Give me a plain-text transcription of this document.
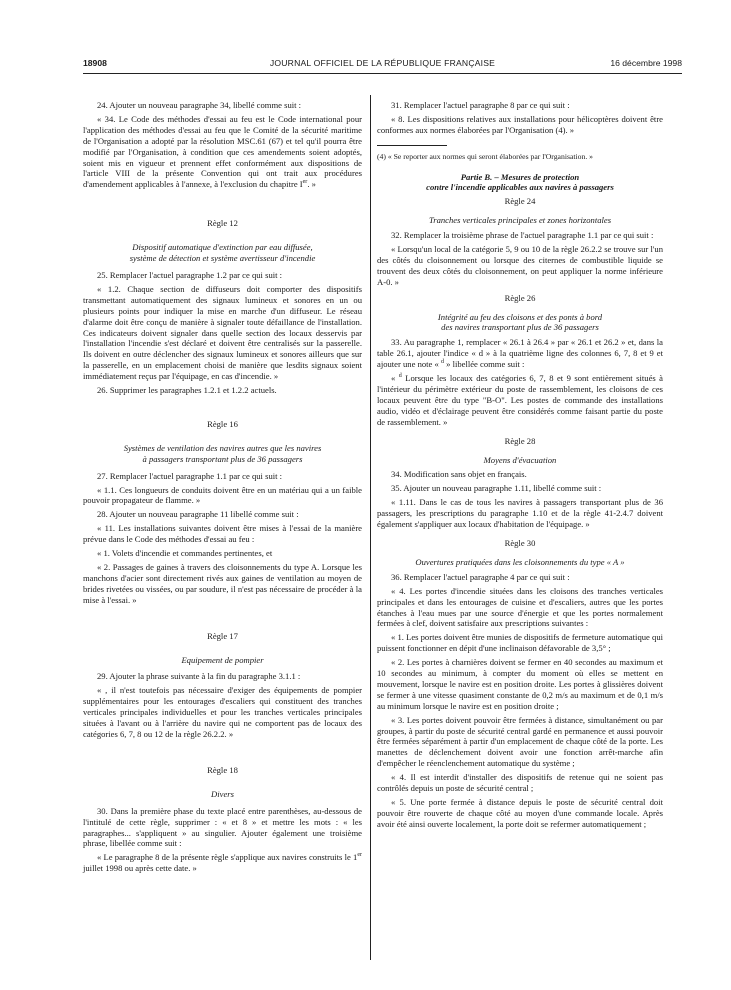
18908	JOURNAL OFFICIEL DE LA RÉPUBLIQUE FRANÇAISE	16 décembre 1998

24. Ajouter un nouveau paragraphe 34, libellé comme suit :

« 34. Le Code des méthodes d'essai au feu est le Code international pour l'application des méthodes d'essai au feu que le Comité de la sécurité maritime de l'Organisation a adopté par la résolution MSC.61 (67) et tel qu'il pourra être modifié par l'Organisation, à condition que ces amendements soient adoptés, soient mis en vigueur et prennent effet conformément aux dispositions de l'article VIII de la présente Convention qui ont trait aux procédures d'amendement applicables à l'annexe, à l'exclusion du chapitre Ier. »

Règle 12
Dispositif automatique d'extinction par eau diffusée,
système de détection et système avertisseur d'incendie

25. Remplacer l'actuel paragraphe 1.2 par ce qui suit :

« 1.2. Chaque section de diffuseurs doit comporter des dispositifs transmettant automatiquement des signaux lumineux et sonores en un ou plusieurs points pour indiquer la mise en marche d'un diffuseur. Le réseau d'alarme doit être conçu de manière à signaler toute défaillance de l'installation. Ces indicateurs doivent signaler dans quelle section des locaux desservis par l'installation l'incendie s'est déclaré et doivent être centralisés sur la passerelle. Ils doivent en outre déclencher des signaux lumineux et sonores ailleurs que sur la passerelle, en un emplacement choisi de manière que lesdits signaux soient immédiatement reçus par l'équipage, en cas d'incendie. »

26. Supprimer les paragraphes 1.2.1 et 1.2.2 actuels.

Règle 16
Systèmes de ventilation des navires autres que les navires
à passagers transportant plus de 36 passagers

27. Remplacer l'actuel paragraphe 1.1 par ce qui suit :

« 1.1. Ces longueurs de conduits doivent être en un matériau qui a un faible pouvoir propagateur de flamme. »

28. Ajouter un nouveau paragraphe 11 libellé comme suit :

« 11. Les installations suivantes doivent être mises à l'essai de la manière prévue dans le Code des méthodes d'essai au feu :

« 1. Volets d'incendie et commandes pertinentes, et

« 2. Passages de gaines à travers des cloisonnements du type A. Lorsque les manchons d'acier sont directement rivés aux gaines de ventilation au moyen de brides rivetées ou vissées, ou par soudure, il n'est pas nécessaire de procéder à la mise à l'essai. »

Règle 17
Equipement de pompier

29. Ajouter la phrase suivante à la fin du paragraphe 3.1.1 :

« , il n'est toutefois pas nécessaire d'exiger des équipements de pompier supplémentaires pour les entourages d'escaliers qui constituent des tranches verticales principales individuelles et pour les tranches verticales principales situées à l'avant ou à l'arrière du navire qui ne comportent pas de locaux des catégories 6, 7, 8 ou 12 de la règle 26.2.2. »

Règle 18
Divers

30. Dans la première phase du texte placé entre parenthèses, au-dessous de l'intitulé de cette règle, supprimer : « et 8 » et mettre les mots : « les paragraphes... s'appliquent » au singulier. Ajouter également une troisième phrase, libellée comme suit :

« Le paragraphe 8 de la présente règle s'applique aux navires construits le 1er juillet 1998 ou après cette date. »

31. Remplacer l'actuel paragraphe 8 par ce qui suit :

« 8. Les dispositions relatives aux installations pour hélicoptères doivent être conformes aux normes élaborées par l'Organisation (4). »

(4) « Se reporter aux normes qui seront élaborées par l'Organisation. »

Partie B. – Mesures de protection
contre l'incendie applicables aux navires à passagers
Règle 24
Tranches verticales principales et zones horizontales

32. Remplacer la troisième phrase de l'actuel paragraphe 1.1 par ce qui suit :

« Lorsqu'un local de la catégorie 5, 9 ou 10 de la règle 26.2.2 se trouve sur l'un des côtés du cloisonnement ou lorsque des citernes de combustible liquide se trouvent des deux côtés du cloisonnement, on peut appliquer la norme inférieure A-0. »

Règle 26
Intégrité au feu des cloisons et des ponts à bord
des navires transportant plus de 36 passagers

33. Au paragraphe 1, remplacer « 26.1 à 26.4 » par « 26.1 et 26.2 » et, dans la table 26.1, ajouter l'indice « d » à la quatrième ligne des colonnes 6, 7, 8 et 9 et ajouter une note « $^d$ » libellée comme suit :

« $^d$ Lorsque les locaux des catégories 6, 7, 8 et 9 sont entièrement situés à l'intérieur du périmètre extérieur du poste de rassemblement, les cloisons de ces locaux peuvent être du type "B-O". Les postes de commande des installations audio, vidéo et d'éclairage peuvent être considérés comme faisant partie du poste de rassemblement. »

Règle 28
Moyens d'évacuation

34. Modification sans objet en français.

35. Ajouter un nouveau paragraphe 1.11, libellé comme suit :

« 1.11. Dans le cas de tous les navires à passagers transportant plus de 36 passagers, les prescriptions du paragraphe 1.10 et de la règle 41-2.4.7 doivent également s'appliquer aux locaux d'habitation de l'équipage. »

Règle 30
Ouvertures pratiquées dans les cloisonnements du type « A »

36. Remplacer l'actuel paragraphe 4 par ce qui suit :

« 4. Les portes d'incendie situées dans les cloisons des tranches verticales principales et dans les entourages de cuisine et d'escaliers, autres que les portes étanches à l'eau mues par une source d'énergie et que les portes normalement fermées à clef, doivent satisfaire aux prescriptions suivantes :

« 1. Les portes doivent être munies de dispositifs de fermeture automatique qui puissent fonctionner en dépit d'une inclinaison défavorable de 3,5° ;

« 2. Les portes à charnières doivent se fermer en 40 secondes au maximum et 10 secondes au minimum, à compter du moment où elles se mettent en mouvement, lorsque le navire est en position droite. Les portes à glissières doivent se fermer à une vitesse quasiment constante de 0,2 m/s au maximum et de 0,1 m/s au minimum lorsque le navire est en position droite ;

« 3. Les portes doivent pouvoir être fermées à distance, simultanément ou par groupes, à partir du poste de sécurité central gardé en permanence et aussi pouvoir être fermées séparément à partir d'un emplacement de chaque côté de la porte. Les manettes de déclenchement doivent avoir une fonction arrêt-marche afin d'empêcher le réenclenchement automatique du système ;

« 4. Il est interdit d'installer des dispositifs de retenue qui ne soient pas contrôlés depuis un poste de sécurité central ;

« 5. Une porte fermée à distance depuis le poste de sécurité central doit pouvoir être rouverte de chaque côté au moyen d'une commande locale. Après avoir été ainsi ouverte localement, la porte doit se refermer automatiquement ;
